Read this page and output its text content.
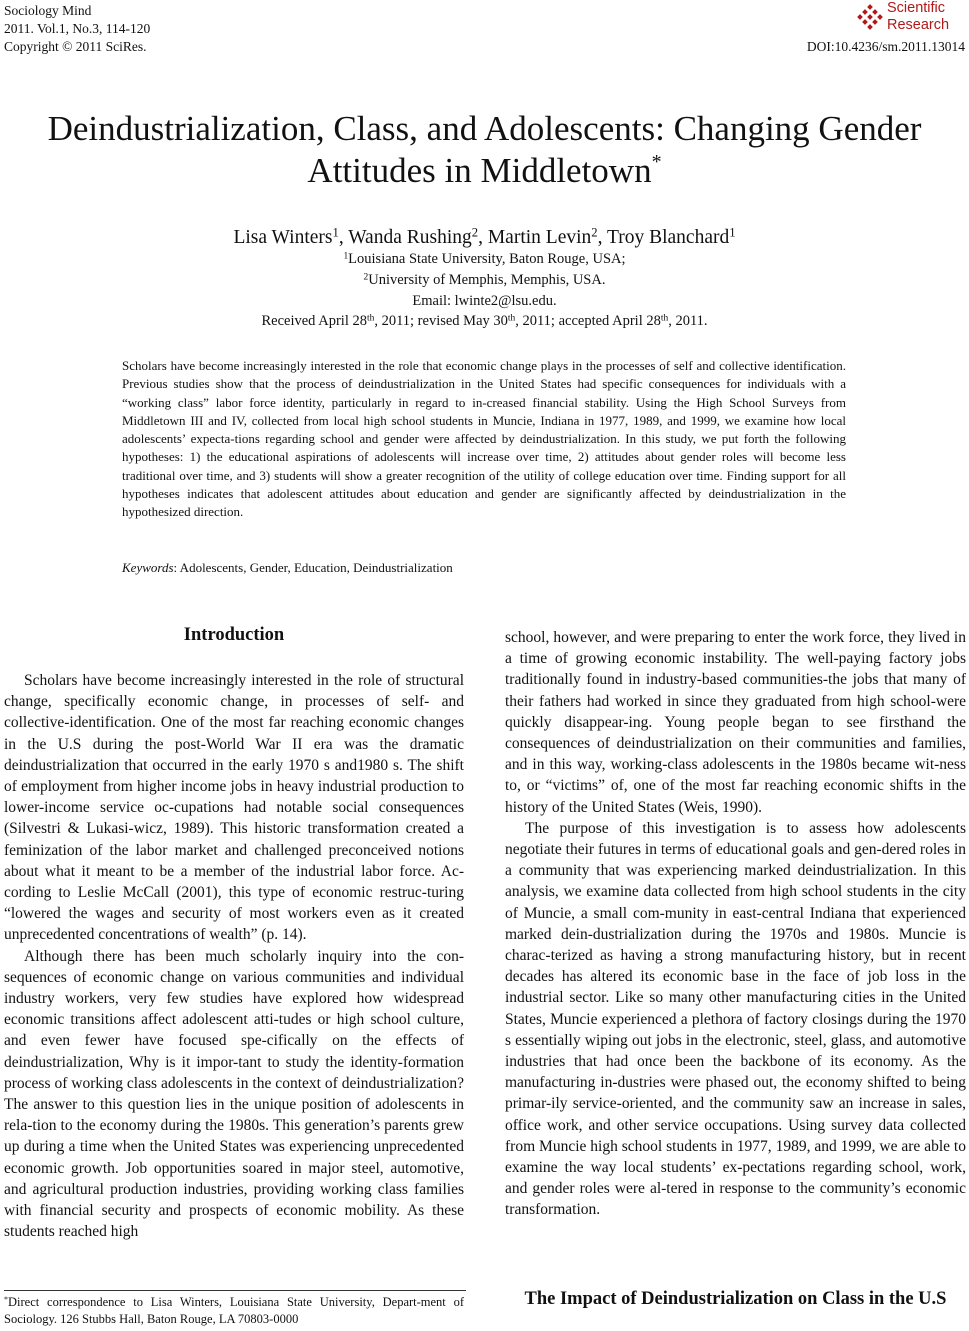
Sociology Mind
2011. Vol.1, No.3, 114-120
Copyright © 2011 SciRes.
Scientific
Research
DOI:10.4236/sm.2011.13014
Deindustrialization, Class, and Adolescents: Changing Gender
Attitudes in Middletown*
Lisa Winters$^1$, Wanda Rushing$^2$, Martin Levin$^2$, Troy Blanchard$^1$
$^1$Louisiana State University, Baton Rouge, USA;
$^2$University of Memphis, Memphis, USA.
Email: lwinte2@lsu.edu.
Received April 28th, 2011; revised May 30th, 2011; accepted April 28th, 2011.
Scholars have become increasingly interested in the role that economic change plays in the processes of self and collective identification. Previous studies show that the process of deindustrialization in the United States had specific consequences for individuals with a “working class” labor force identity, particularly in regard to in-creased financial stability. Using the High School Surveys from Middletown III and IV, collected from local high school students in Muncie, Indiana in 1977, 1989, and 1999, we examine how local adolescents’ expecta-tions regarding school and gender were affected by deindustrialization. In this study, we put forth the following hypotheses: 1) the educational aspirations of adolescents will increase over time, 2) attitudes about gender roles will become less traditional over time, and 3) students will show a greater recognition of the utility of college education over time. Finding support for all hypotheses indicates that adolescent attitudes about education and gender are significantly affected by deindustrialization in the hypothesized direction.
Keywords: Adolescents, Gender, Education, Deindustrialization
Introduction

Scholars have become increasingly interested in the role of structural change, specifically economic change, in processes of self- and collective-identification. One of the most far reaching economic changes in the U.S during the post-World War II era was the dramatic deindustrialization that occurred in the early 1970 s and1980 s. The shift of employment from higher income jobs in heavy industrial production to lower-income service oc-cupations had notable social consequences (Silvestri & Lukasi-wicz, 1989). This historic transformation created a feminization of the labor market and challenged preconceived notions about what it meant to be a member of the industrial labor force. Ac-cording to Leslie McCall (2001), this type of economic restruc-turing “lowered the wages and security of most workers even as it created unprecedented concentrations of wealth” (p. 14).

Although there has been much scholarly inquiry into the con-sequences of economic change on various communities and individual industry workers, very few studies have explored how widespread economic transitions affect adolescent atti-tudes or high school culture, and even fewer have focused spe-cifically on the effects of deindustrialization, Why is it impor-tant to study the identity-formation process of working class adolescents in the context of deindustrialization? The answer to this question lies in the unique position of adolescents in rela-tion to the economy during the 1980s. This generation’s parents grew up during a time when the United States was experiencing unprecedented economic growth. Job opportunities soared in major steel, automotive, and agricultural production industries, providing working class families with financial security and prospects of economic mobility. As these students reached high

school, however, and were preparing to enter the work force, they lived in a time of growing economic instability. The well-paying factory jobs traditionally found in industry-based communities-the jobs that many of their fathers had worked in since they graduated from high school-were quickly disappear-ing. Young people began to see firsthand the consequences of deindustrialization on their communities and families, and in this way, working-class adolescents in the 1980s became wit-ness to, or “victims” of, one of the most far reaching economic shifts in the history of the United States (Weis, 1990).

The purpose of this investigation is to assess how adolescents negotiate their futures in terms of educational goals and gen-dered roles in a community that was experiencing marked deindustrialization. In this analysis, we examine data collected from high school students in the city of Muncie, a small com-munity in east-central Indiana that experienced marked dein-dustrialization during the 1970s and 1980s. Muncie is charac-terized as having a strong manufacturing history, but in recent decades has altered its economic base in the face of job loss in the industrial sector. Like so many other manufacturing cities in the United States, Muncie experienced a plethora of factory closings during the 1970 s essentially wiping out jobs in the electronic, steel, glass, and automotive industries that had once been the backbone of its economy. As the manufacturing in-dustries were phased out, the economy shifted to being primar-ily service-oriented, and the community saw an increase in sales, office work, and other service occupations. Using survey data collected from Muncie high school students in 1977, 1989, and 1999, we are able to examine the way local students’ ex-pectations regarding school, work, and gender roles were al-tered in response to the community’s economic transformation.

The Impact of Deindustrialization on Class in the U.S
*Direct correspondence to Lisa Winters, Louisiana State University, Depart-ment of Sociology. 126 Stubbs Hall, Baton Rouge, LA 70803-0000
